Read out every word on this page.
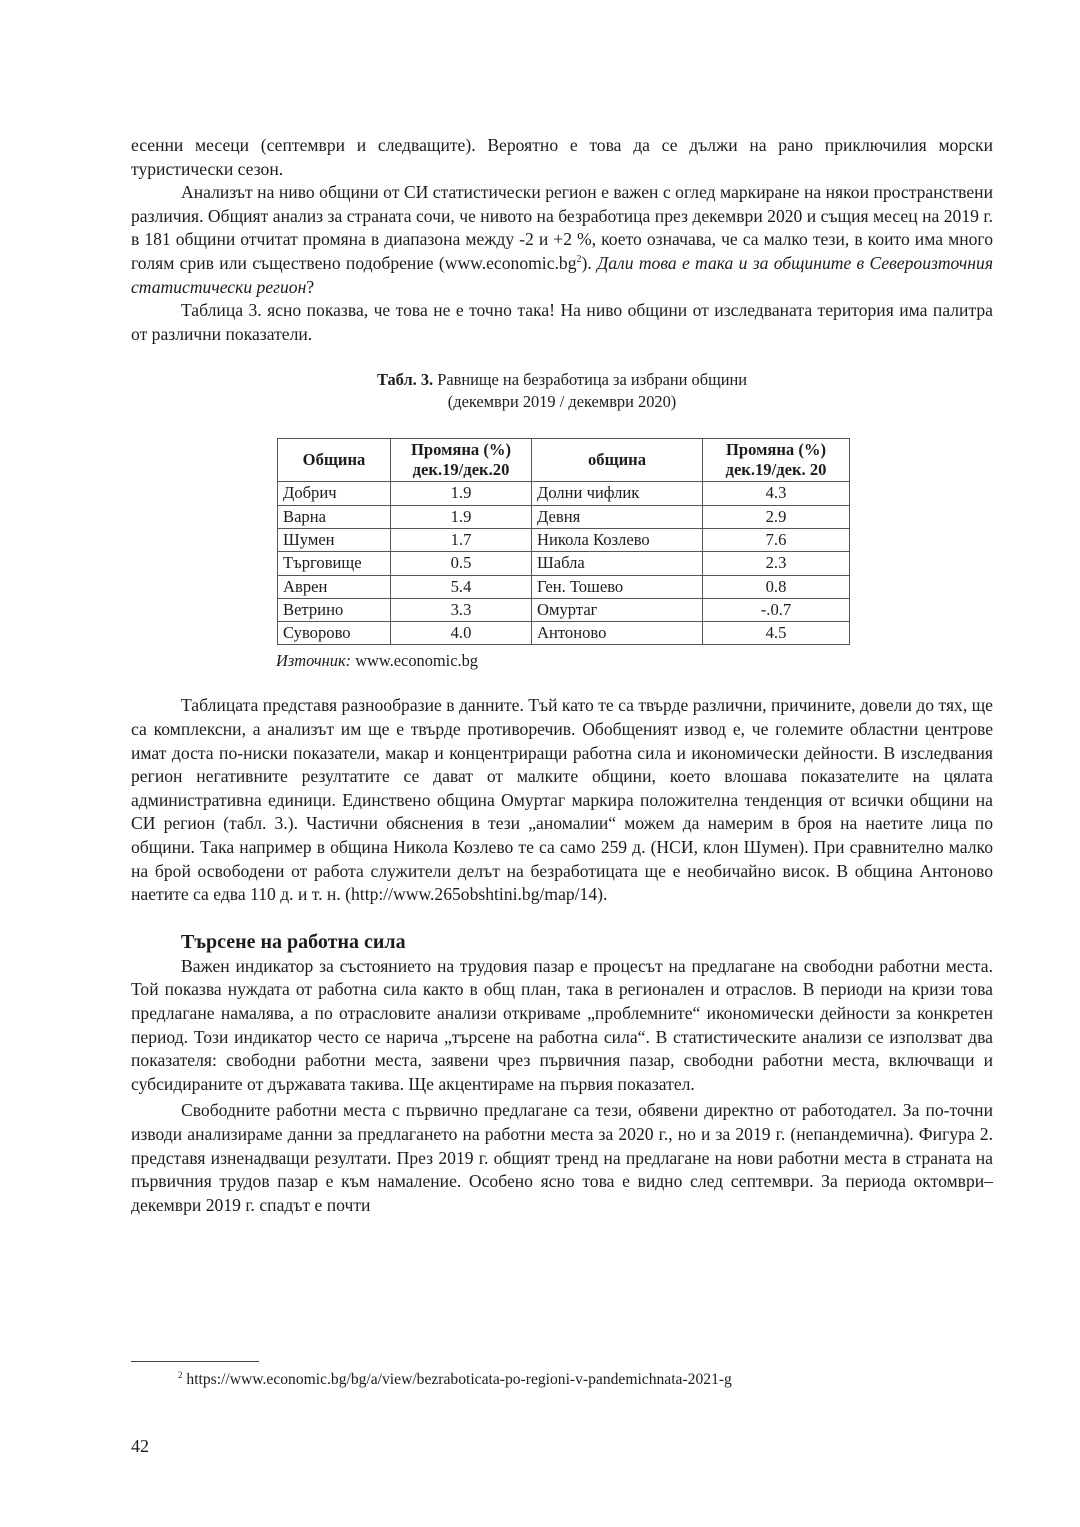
есенни месеци (септември и следващите). Вероятно е това да се дължи на рано приключилия морски туристически сезон.

Анализът на ниво общини от СИ статистически регион е важен с оглед маркиране на някои пространствени различия. Общият анализ за страната сочи, че нивото на безработица през декември 2020 и същия месец на 2019 г. в 181 общини отчитат промяна в диапазона между -2 и +2 %, което означава, че са малко тези, в които има много голям срив или съществено подобрение $(www.economic.bg^2)$. Дали това е така и за общините в Североизточния статистически регион?

Таблица 3. ясно показва, че това не е точно така! На ниво общини от изследваната територия има палитра от различни показатели.

Табл. 3. Равнище на безработица за избрани общини
(декември 2019 / декември 2020)
Община	Промяна (%) дек.19/дек.20	община	Промяна (%) дек.19/дек. 20
Добрич	1.9	Долни чифлик	4.3
Варна	1.9	Девня	2.9
Шумен	1.7	Никола Козлево	7.6
Търговище	0.5	Шабла	2.3
Аврен	5.4	Ген. Тошево	0.8
Ветрино	3.3	Омуртаг	-.0.7
Суворово	4.0	Антоново	4.5
Източник: www.economic.bg

Таблицата представя разнообразие в данните. Тъй като те са твърде различни, причините, довели до тях, ще са комплексни, а анализът им ще е твърде противоречив. Обобщеният извод е, че големите областни центрове имат доста по-ниски показатели, макар и концентриращи работна сила и икономически дейности. В изследвания регион негативните резултатите се дават от малките общини, което влошава показателите на цялата административна единици. Единствено община Омуртаг маркира положителна тенденция от всички общини на СИ регион (табл. 3.). Частични обяснения в тези „аномалии“ можем да намерим в броя на наетите лица по общини. Така например в община Никола Козлево те са само 259 д. (НСИ, клон Шумен). При сравнително малко на брой освободени от работа служители делът на безработицата ще е необичайно висок. В община Антоново наетите са едва 110 д. и т. н. (http://www.265obshtini.bg/map/14).

Търсене на работна сила

Важен индикатор за състоянието на трудовия пазар е процесът на предлагане на свободни работни места. Той показва нуждата от работна сила както в общ план, така в регионален и отраслов. В периоди на кризи това предлагане намалява, а по отрасловите анализи откриваме „проблемните“ икономически дейности за конкретен период. Този индикатор често се нарича „търсене на работна сила“. В статистическите анализи се използват два показателя: свободни работни места, заявени чрез първичния пазар, свободни работни места, включващи и субсидираните от държавата такива. Ще акцентираме на първия показател.

Свободните работни места с първично предлагане са тези, обявени директно от работодател. За по-точни изводи анализираме данни за предлагането на работни места за 2020 г., но и за 2019 г. (непандемична). Фигура 2. представя изненадващи резултати. През 2019 г. общият тренд на предлагане на нови работни места в страната на първичния трудов пазар е към намаление. Особено ясно това е видно след септември. За периода октомври–декември 2019 г. спадът е почти

$^2$ https://www.economic.bg/bg/a/view/bezraboticata-po-regioni-v-pandemichnata-2021-g
42
